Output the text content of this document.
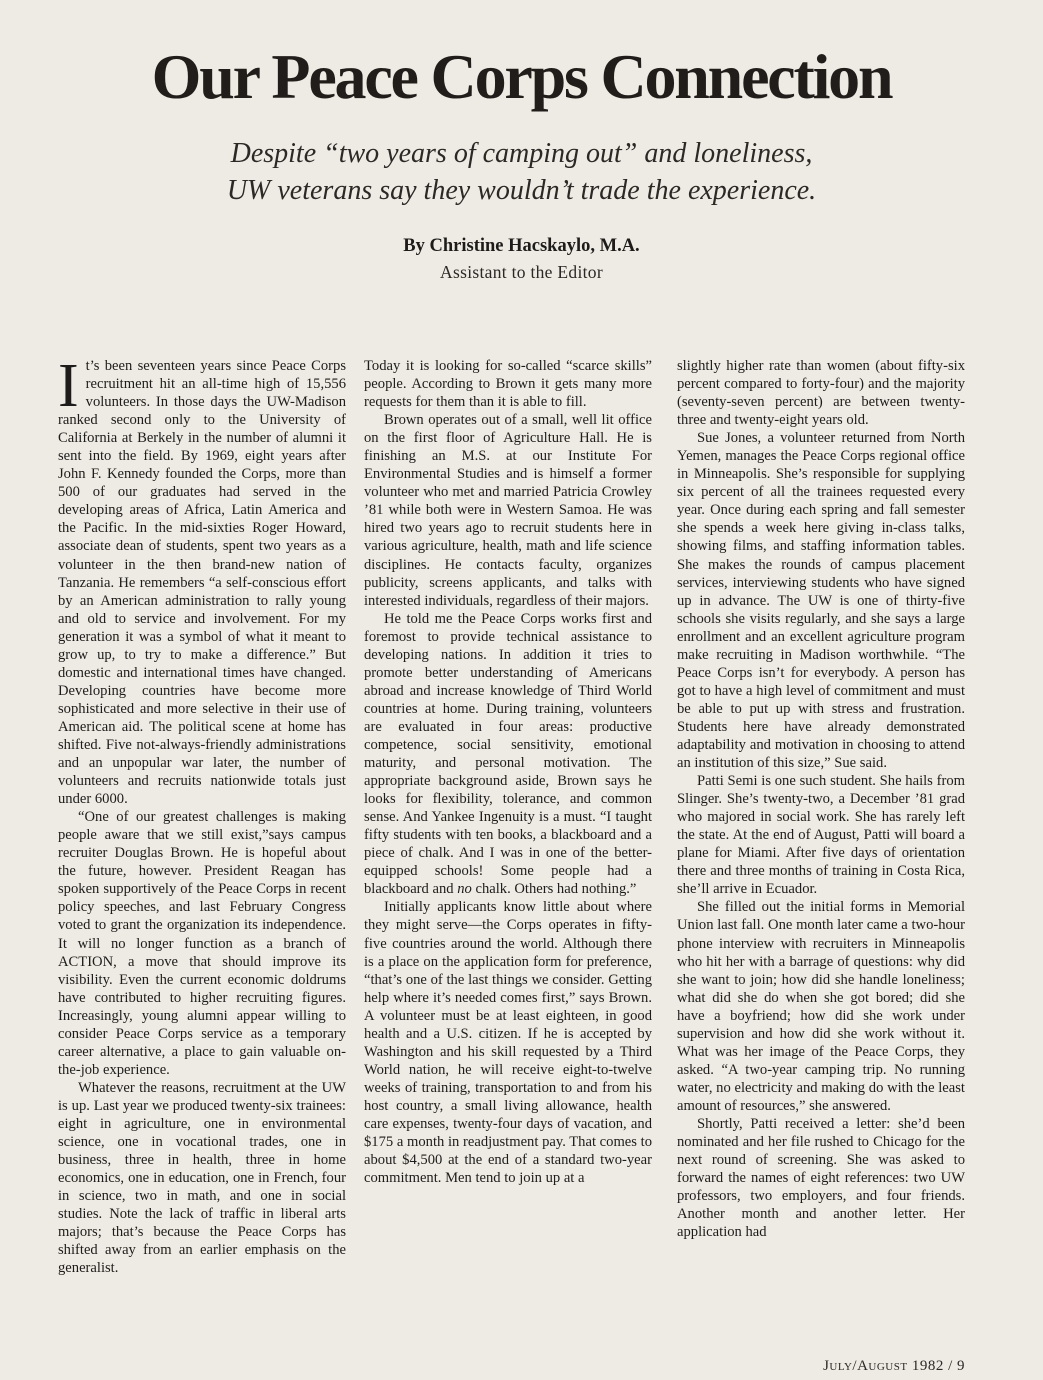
Our Peace Corps Connection
Despite “two years of camping out” and loneliness,
UW veterans say they wouldn’t trade the experience.
By Christine Hacskaylo, M.A.
Assistant to the Editor

It’s been seventeen years since Peace Corps recruitment hit an all-time high of 15,556 volunteers. In those days the UW-Madison ranked second only to the University of California at Berkely in the number of alumni it sent into the field. By 1969, eight years after John F. Kennedy founded the Corps, more than 500 of our graduates had served in the developing areas of Africa, Latin America and the Pacific. In the mid-sixties Roger Howard, associate dean of students, spent two years as a volunteer in the then brand-new nation of Tanzania. He remembers “a self-conscious effort by an American administration to rally young and old to service and involvement. For my generation it was a symbol of what it meant to grow up, to try to make a difference.” But domestic and international times have changed. Developing countries have become more sophisticated and more selective in their use of American aid. The political scene at home has shifted. Five not-always-friendly administrations and an unpopular war later, the number of volunteers and recruits nationwide totals just under 6000.

“One of our greatest challenges is making people aware that we still exist,”says campus recruiter Douglas Brown. He is hopeful about the future, however. President Reagan has spoken supportively of the Peace Corps in recent policy speeches, and last February Congress voted to grant the organization its independence. It will no longer function as a branch of ACTION, a move that should improve its visibility. Even the current economic doldrums have contributed to higher recruiting figures. Increasingly, young alumni appear willing to consider Peace Corps service as a temporary career alternative, a place to gain valuable on-the-job experience.

Whatever the reasons, recruitment at the UW is up. Last year we produced twenty-six trainees: eight in agriculture, one in environmental science, one in vocational trades, one in business, three in health, three in home economics, one in education, one in French, four in science, two in math, and one in social studies. Note the lack of traffic in liberal arts majors; that’s because the Peace Corps has shifted away from an earlier emphasis on the generalist.

Today it is looking for so-called “scarce skills” people. According to Brown it gets many more requests for them than it is able to fill.

Brown operates out of a small, well lit office on the first floor of Agriculture Hall. He is finishing an M.S. at our Institute For Environmental Studies and is himself a former volunteer who met and married Patricia Crowley ’81 while both were in Western Samoa. He was hired two years ago to recruit students here in various agriculture, health, math and life science disciplines. He contacts faculty, organizes publicity, screens applicants, and talks with interested individuals, regardless of their majors.

He told me the Peace Corps works first and foremost to provide technical assistance to developing nations. In addition it tries to promote better understanding of Americans abroad and increase knowledge of Third World countries at home. During training, volunteers are evaluated in four areas: productive competence, social sensitivity, emotional maturity, and personal motivation. The appropriate background aside, Brown says he looks for flexibility, tolerance, and common sense. And Yankee Ingenuity is a must. “I taught fifty students with ten books, a blackboard and a piece of chalk. And I was in one of the better-equipped schools! Some people had a blackboard and no chalk. Others had nothing.”

Initially applicants know little about where they might serve—the Corps operates in fifty-five countries around the world. Although there is a place on the application form for preference, “that’s one of the last things we consider. Getting help where it’s needed comes first,” says Brown. A volunteer must be at least eighteen, in good health and a U.S. citizen. If he is accepted by Washington and his skill requested by a Third World nation, he will receive eight-to-twelve weeks of training, transportation to and from his host country, a small living allowance, health care expenses, twenty-four days of vacation, and $175 a month in readjustment pay. That comes to about $4,500 at the end of a standard two-year commitment. Men tend to join up at a

slightly higher rate than women (about fifty-six percent compared to forty-four) and the majority (seventy-seven percent) are between twenty-three and twenty-eight years old.

Sue Jones, a volunteer returned from North Yemen, manages the Peace Corps regional office in Minneapolis. She’s responsible for supplying six percent of all the trainees requested every year. Once during each spring and fall semester she spends a week here giving in-class talks, showing films, and staffing information tables. She makes the rounds of campus placement services, interviewing students who have signed up in advance. The UW is one of thirty-five schools she visits regularly, and she says a large enrollment and an excellent agriculture program make recruiting in Madison worthwhile. “The Peace Corps isn’t for everybody. A person has got to have a high level of commitment and must be able to put up with stress and frustration. Students here have already demonstrated adaptability and motivation in choosing to attend an institution of this size,” Sue said.

Patti Semi is one such student. She hails from Slinger. She’s twenty-two, a December ’81 grad who majored in social work. She has rarely left the state. At the end of August, Patti will board a plane for Miami. After five days of orientation there and three months of training in Costa Rica, she’ll arrive in Ecuador.

She filled out the initial forms in Memorial Union last fall. One month later came a two-hour phone interview with recruiters in Minneapolis who hit her with a barrage of questions: why did she want to join; how did she handle loneliness; what did she do when she got bored; did she have a boyfriend; how did she work under supervision and how did she work without it. What was her image of the Peace Corps, they asked. “A two-year camping trip. No running water, no electricity and making do with the least amount of resources,” she answered.

Shortly, Patti received a letter: she’d been nominated and her file rushed to Chicago for the next round of screening. She was asked to forward the names of eight references: two UW professors, two employers, and four friends. Another month and another letter. Her application had

July/August 1982 / 9
